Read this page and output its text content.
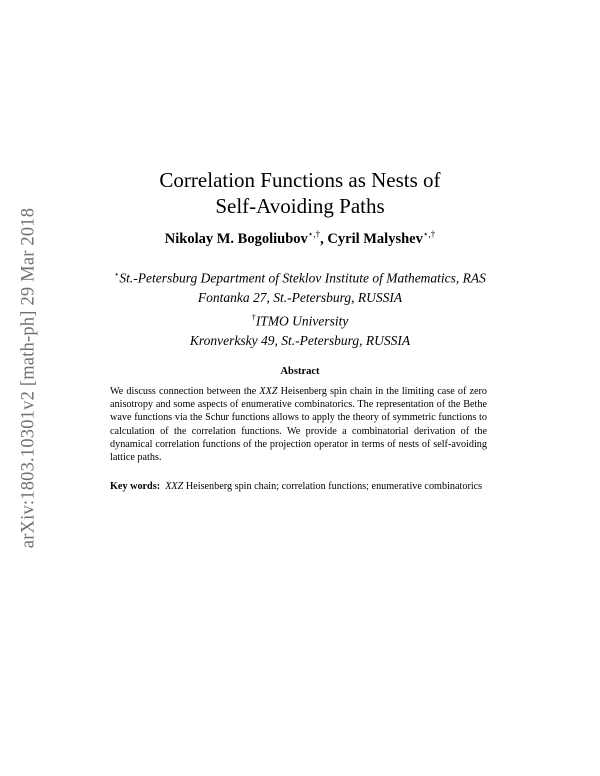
arXiv:1803.10301v2 [math-ph] 29 Mar 2018
Correlation Functions as Nests of
Self-Avoiding Paths
Nikolay M. Bogoliubov⋆,†, Cyril Malyshev⋆,†
⋆St.-Petersburg Department of Steklov Institute of Mathematics, RAS
Fontanka 27, St.-Petersburg, RUSSIA
†ITMO University
Kronverksky 49, St.-Petersburg, RUSSIA
Abstract
We discuss connection between the XXZ Heisenberg spin chain in the limiting case of zero anisotropy and some aspects of enumerative combinatorics. The representation of the Bethe wave functions via the Schur functions allows to apply the theory of symmetric functions to calculation of the correlation functions. We provide a combinatorial derivation of the dynamical correlation functions of the projection operator in terms of nests of self-avoiding lattice paths.
Key words: XXZ Heisenberg spin chain; correlation functions; enumerative combinatorics
